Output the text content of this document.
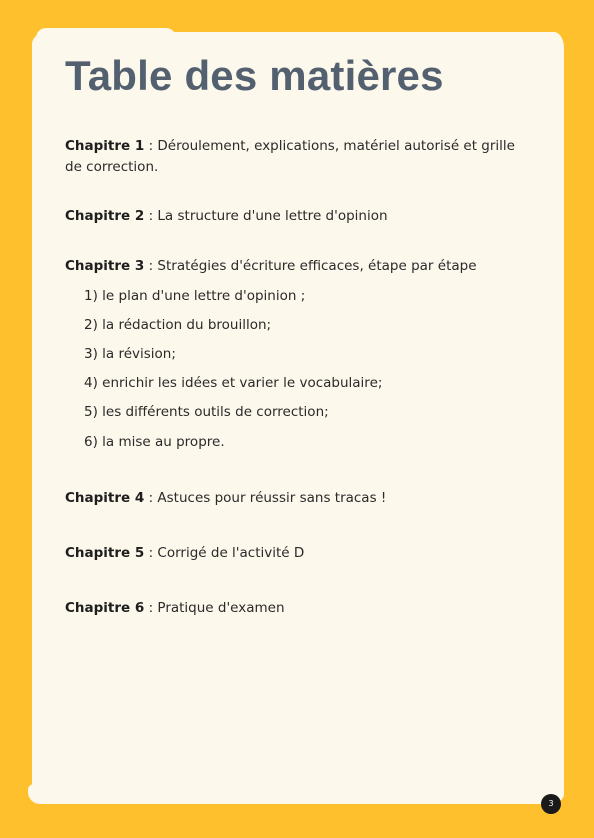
Table des matières
Chapitre 1 : Déroulement, explications, matériel autorisé et grille de correction.
Chapitre 2 : La structure d'une lettre d'opinion
Chapitre 3 : Stratégies d'écriture efficaces, étape par étape
1) le plan d'une lettre d'opinion ;
2) la rédaction du brouillon;
3) la révision;
4) enrichir les idées et varier le vocabulaire;
5) les différents outils de correction;
6) la mise au propre.
Chapitre 4 : Astuces pour réussir sans tracas !
Chapitre 5 : Corrigé de l'activité D
Chapitre 6 : Pratique d'examen
3
